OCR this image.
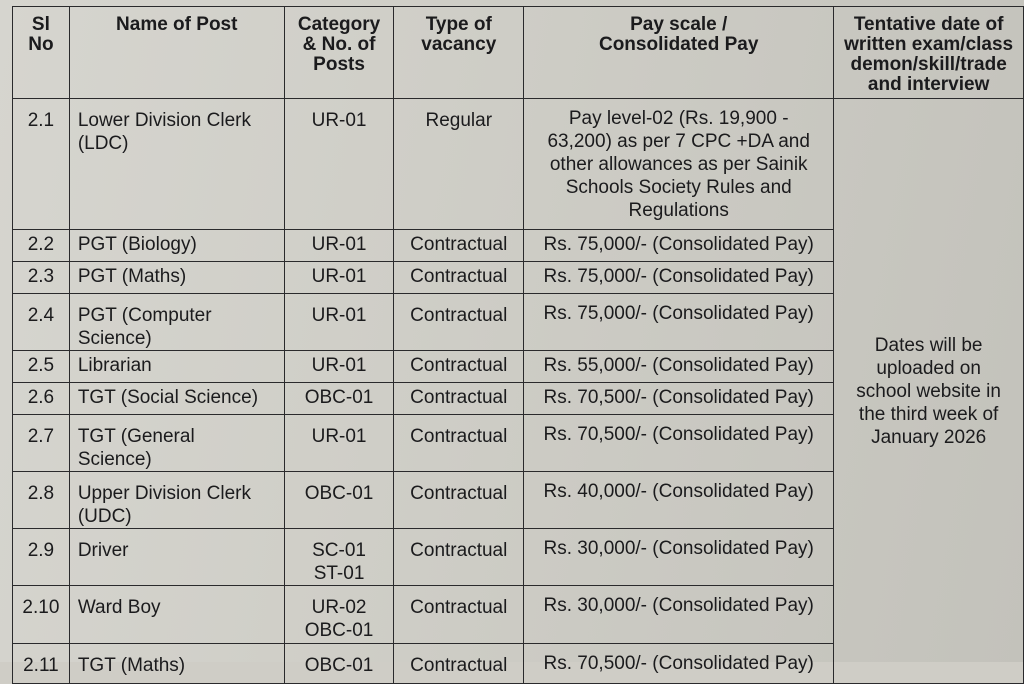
Sl
No	Name of Post	Category
& No. of
Posts	Type of
vacancy	Pay scale /
Consolidated Pay	Tentative date of
written exam/class
demon/skill/trade
and interview
2.1	Lower Division Clerk
(LDC)	UR-01	Regular	Pay level-02 (Rs. 19,900 -
63,200) as per 7 CPC +DA and
other allowances as per Sainik
Schools Society Rules and
Regulations	Dates will be
uploaded on
school website in
the third week of
January 2026
2.2	PGT (Biology)	UR-01	Contractual	Rs. 75,000/- (Consolidated Pay)	
2.3	PGT (Maths)	UR-01	Contractual	Rs. 75,000/- (Consolidated Pay)	
2.4	PGT (Computer
Science)	UR-01	Contractual	Rs. 75,000/- (Consolidated Pay)	
2.5	Librarian	UR-01	Contractual	Rs. 55,000/- (Consolidated Pay)	
2.6	TGT (Social Science)	OBC-01	Contractual	Rs. 70,500/- (Consolidated Pay)	
2.7	TGT (General
Science)	UR-01	Contractual	Rs. 70,500/- (Consolidated Pay)	
2.8	Upper Division Clerk
(UDC)	OBC-01	Contractual	Rs. 40,000/- (Consolidated Pay)	
2.9	Driver	SC-01
ST-01	Contractual	Rs. 30,000/- (Consolidated Pay)	
2.10	Ward Boy	UR-02
OBC-01	Contractual	Rs. 30,000/- (Consolidated Pay)	
2.11	TGT (Maths)	OBC-01	Contractual	Rs. 70,500/- (Consolidated Pay)	
